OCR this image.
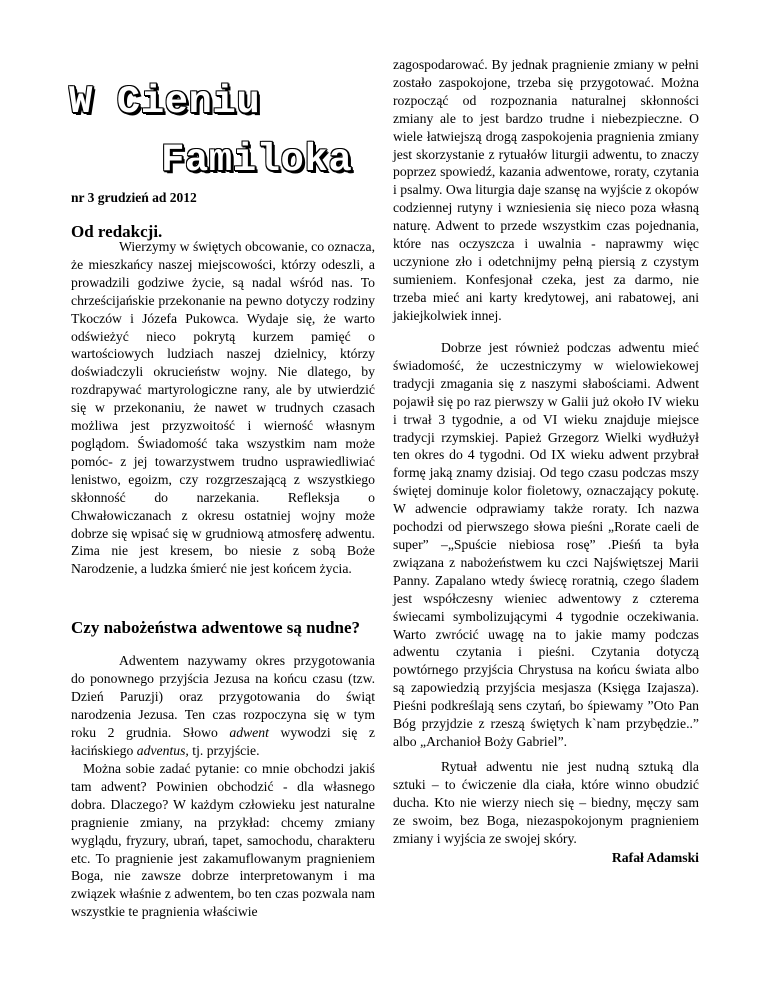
W Cieniu
Familoka
nr 3 grudzień ad 2012
Od redakcji.

Wierzymy w świętych obcowanie, co oznacza, że mieszkańcy naszej miejscowości, którzy odeszli, a prowadzili godziwe życie, są nadal wśród nas. To chrześcijańskie przekonanie na pewno dotyczy rodziny Tkoczów i Józefa Pukowca. Wydaje się, że warto odświeżyć nieco pokrytą kurzem pamięć o wartościowych ludziach naszej dzielnicy, którzy doświadczyli okrucieństw wojny. Nie dlatego, by rozdrapywać martyrologiczne rany, ale by utwierdzić się w przekonaniu, że nawet w trudnych czasach możliwa jest przyzwoitość i wierność własnym poglądom. Świadomość taka wszystkim nam może pomóc- z jej towarzystwem trudno usprawiedliwiać lenistwo, egoizm, czy rozgrzeszającą z wszystkiego skłonność do narzekania. Refleksja o Chwałowiczanach z okresu ostatniej wojny może dobrze się wpisać się w grudniową atmosferę adwentu. Zima nie jest kresem, bo niesie z sobą Boże Narodzenie, a ludzka śmierć nie jest końcem życia.

Adwentem nazywamy okres przygotowania do ponownego przyjścia Jezusa na końcu czasu (tzw. Dzień Paruzji) oraz przygotowania do świąt narodzenia Jezusa. Ten czas rozpoczyna się w tym roku 2 grudnia. Słowo adwent wywodzi się z łacińskiego adventus, tj. przyjście.

Można sobie zadać pytanie: co mnie obchodzi jakiś tam adwent? Powinien obchodzić - dla własnego dobra. Dlaczego? W każdym człowieku jest naturalne pragnienie zmiany, na przykład: chcemy zmiany wyglądu, fryzury, ubrań, tapet, samochodu, charakteru etc. To pragnienie jest zakamuflowanym pragnieniem Boga, nie zawsze dobrze interpretowanym i ma związek właśnie z adwentem, bo ten czas pozwala nam wszystkie te pragnienia właściwie

Czy nabożeństwa adwentowe są nudne?

zagospodarować. By jednak pragnienie zmiany w pełni zostało zaspokojone, trzeba się przygotować. Można rozpocząć od rozpoznania naturalnej skłonności zmiany ale to jest bardzo trudne i niebezpieczne. O wiele łatwiejszą drogą zaspokojenia pragnienia zmiany jest skorzystanie z rytuałów liturgii adwentu, to znaczy poprzez spowiedź, kazania adwentowe, roraty, czytania i psalmy. Owa liturgia daje szansę na wyjście z okopów codziennej rutyny i wzniesienia się nieco poza własną naturę. Adwent to przede wszystkim czas pojednania, które nas oczyszcza i uwalnia - naprawmy więc uczynione zło i odetchnijmy pełną piersią z czystym sumieniem. Konfesjonał czeka, jest za darmo, nie trzeba mieć ani karty kredytowej, ani rabatowej, ani jakiejkolwiek innej.

Dobrze jest również podczas adwentu mieć świadomość, że uczestniczymy w wielowiekowej tradycji zmagania się z naszymi słabościami. Adwent pojawił się po raz pierwszy w Galii już około IV wieku i trwał 3 tygodnie, a od VI wieku znajduje miejsce tradycji rzymskiej. Papież Grzegorz Wielki wydłużył ten okres do 4 tygodni. Od IX wieku adwent przybrał formę jaką znamy dzisiaj. Od tego czasu podczas mszy świętej dominuje kolor fioletowy, oznaczający pokutę. W adwencie odprawiamy także roraty. Ich nazwa pochodzi od pierwszego słowa pieśni „Rorate caeli de super” –„Spuście niebiosa rosę” .Pieśń ta była związana z nabożeństwem ku czci Najświętszej Marii Panny. Zapalano wtedy świecę roratnią, czego śladem jest współczesny wieniec adwentowy z czterema świecami symbolizującymi 4 tygodnie oczekiwania. Warto zwrócić uwagę na to jakie mamy podczas adwentu czytania i pieśni. Czytania dotyczą powtórnego przyjścia Chrystusa na końcu świata albo są zapowiedzią przyjścia mesjasza (Księga Izajasza). Pieśni podkreślają sens czytań, bo śpiewamy ”Oto Pan Bóg przyjdzie z rzeszą świętych k`nam przybędzie..” albo „Archanioł Boży Gabriel”.

Rytuał adwentu nie jest nudną sztuką dla sztuki – to ćwiczenie dla ciała, które winno obudzić ducha. Kto nie wierzy niech się – biedny, męczy sam ze swoim, bez Boga, niezaspokojonym pragnieniem zmiany i wyjścia ze swojej skóry.

Rafał Adamski
